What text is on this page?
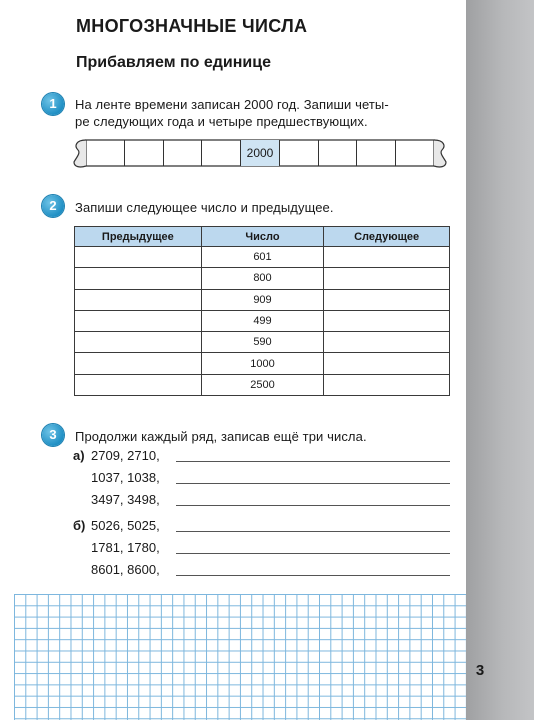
3
МНОГОЗНАЧНЫЕ ЧИСЛА
Прибавляем по единице
1	На ленте времени записан 2000 год. Запиши четы-
ре следующих года и четыре предшествующих.
2000
2	Запиши следующее число и предыдущее.
Предыдущее	Число	Следующее
	601	
	800	
	909	
	499	
	590	
	1000	
	2500	
3	Продолжи каждый ряд, записав ещё три числа.
а) 2709, 2710,
1037, 1038,
3497, 3498,
б) 5026, 5025,
1781, 1780,
8601, 8600,
